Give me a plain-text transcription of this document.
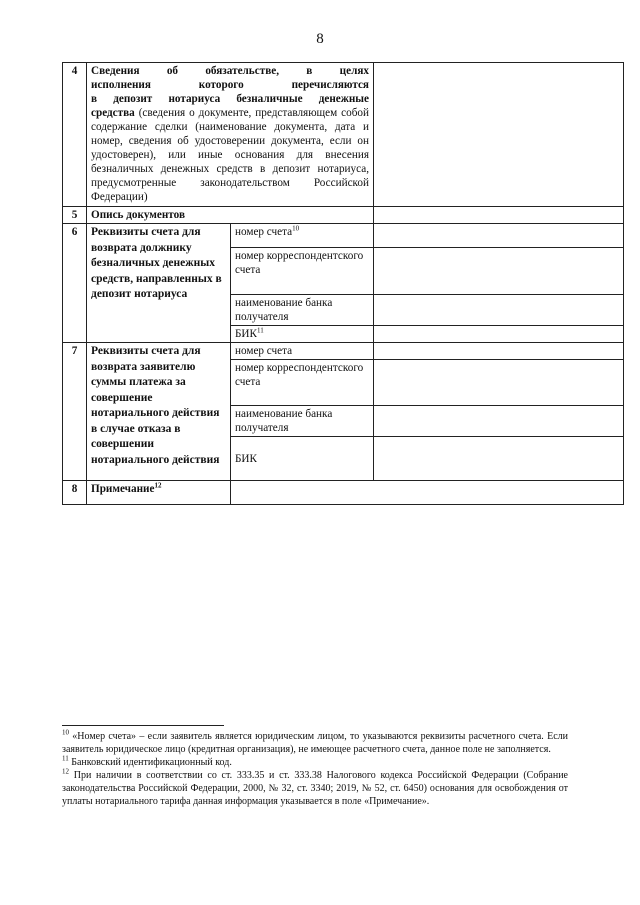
8
4	Сведения об обязательстве, в целях
исполнения которого перечисляются
в депозит нотариуса безналичные денежные
средства (сведения о документе, представляющем собой содержание сделки (наименование документа, дата и номер, сведения об удостоверении документа, если он удостоверен), или иные основания для внесения безналичных денежных средств в депозит нотариуса, предусмотренные законодательством Российской Федерации)		
5	Опись документов		
6	Реквизиты счета для возврата должнику безналичных денежных средств, направленных в депозит нотариуса	номер счета$^{10}$	
		номер корреспондентского счета	
		наименование банка получателя	
		БИК$^{11}$	
7	Реквизиты счета для возврата заявителю суммы платежа за совершение нотариального действия в случае отказа в совершении нотариального действия	номер счета	
		номер корреспондентского счета	
		наименование банка получателя	
		БИК	
8	Примечание$^{12}$	

$^{10}$ «Номер счета» – если заявитель является юридическим лицом, то указываются реквизиты расчетного счета. Если заявитель юридическое лицо (кредитная организация), не имеющее расчетного счета, данное поле не заполняется.

$^{11}$ Банковский идентификационный код.

$^{12}$ При наличии в соответствии со ст. 333.35 и ст. 333.38 Налогового кодекса Российской Федерации (Собрание законодательства Российской Федерации, 2000, № 32, ст. 3340; 2019, № 52, ст. 6450) основания для освобождения от уплаты нотариального тарифа данная информация указывается в поле «Примечание».
